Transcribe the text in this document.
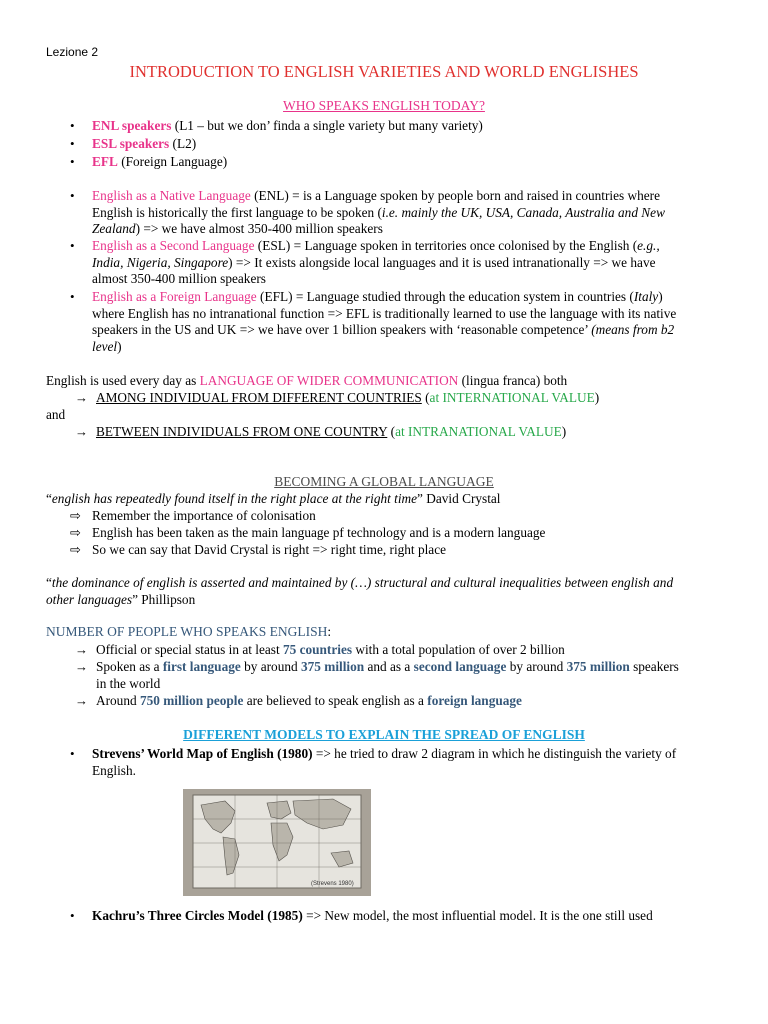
Lezione 2
INTRODUCTION TO ENGLISH VARIETIES AND WORLD ENGLISHES
WHO SPEAKS ENGLISH TODAY?
• ENL speakers (L1 – but we don’ finda a single variety but many variety)
• ESL speakers (L2)
• EFL (Foreign Language)
• English as a Native Language (ENL) = is a Language spoken by people born and raised in countries where
English is historically the first language to be spoken (i.e. mainly the UK, USA, Canada, Australia and New
Zealand) => we have almost 350-400 million speakers
• English as a Second Language (ESL) = Language spoken in territories once colonised by the English (e.g.,
India, Nigeria, Singapore) => It exists alongside local languages and it is used intranationally => we have
almost 350-400 million speakers
• English as a Foreign Language (EFL) = Language studied through the education system in countries (Italy)
where English has no intranational function => EFL is traditionally learned to use the language with its native
speakers in the US and UK => we have over 1 billion speakers with ‘reasonable competence’ (means from b2
level)
English is used every day as LANGUAGE OF WIDER COMMUNICATION (lingua franca) both
→ AMONG INDIVIDUAL FROM DIFFERENT COUNTRIES (at INTERNATIONAL VALUE)
and
→ BETWEEN INDIVIDUALS FROM ONE COUNTRY (at INTRANATIONAL VALUE)
BECOMING A GLOBAL LANGUAGE
“english has repeatedly found itself in the right place at the right time” David Crystal
⇨ Remember the importance of colonisation
⇨ English has been taken as the main language pf technology and is a modern language
⇨ So we can say that David Crystal is right => right time, right place
“the dominance of english is asserted and maintained by (…) structural and cultural inequalities between english and
other languages” Phillipson
NUMBER OF PEOPLE WHO SPEAKS ENGLISH:
→ Official or special status in at least 75 countries with a total population of over 2 billion
→ Spoken as a first language by around 375 million and as a second language by around 375 million speakers
in the world
→ Around 750 million people are believed to speak english as a foreign language
DIFFERENT MODELS TO EXPLAIN THE SPREAD OF ENGLISH
• Strevens’ World Map of English (1980) => he tried to draw 2 diagram in which he distinguish the variety of
English.
(Strevens 1980)
• Kachru’s Three Circles Model (1985) => New model, the most influential model. It is the one still used
